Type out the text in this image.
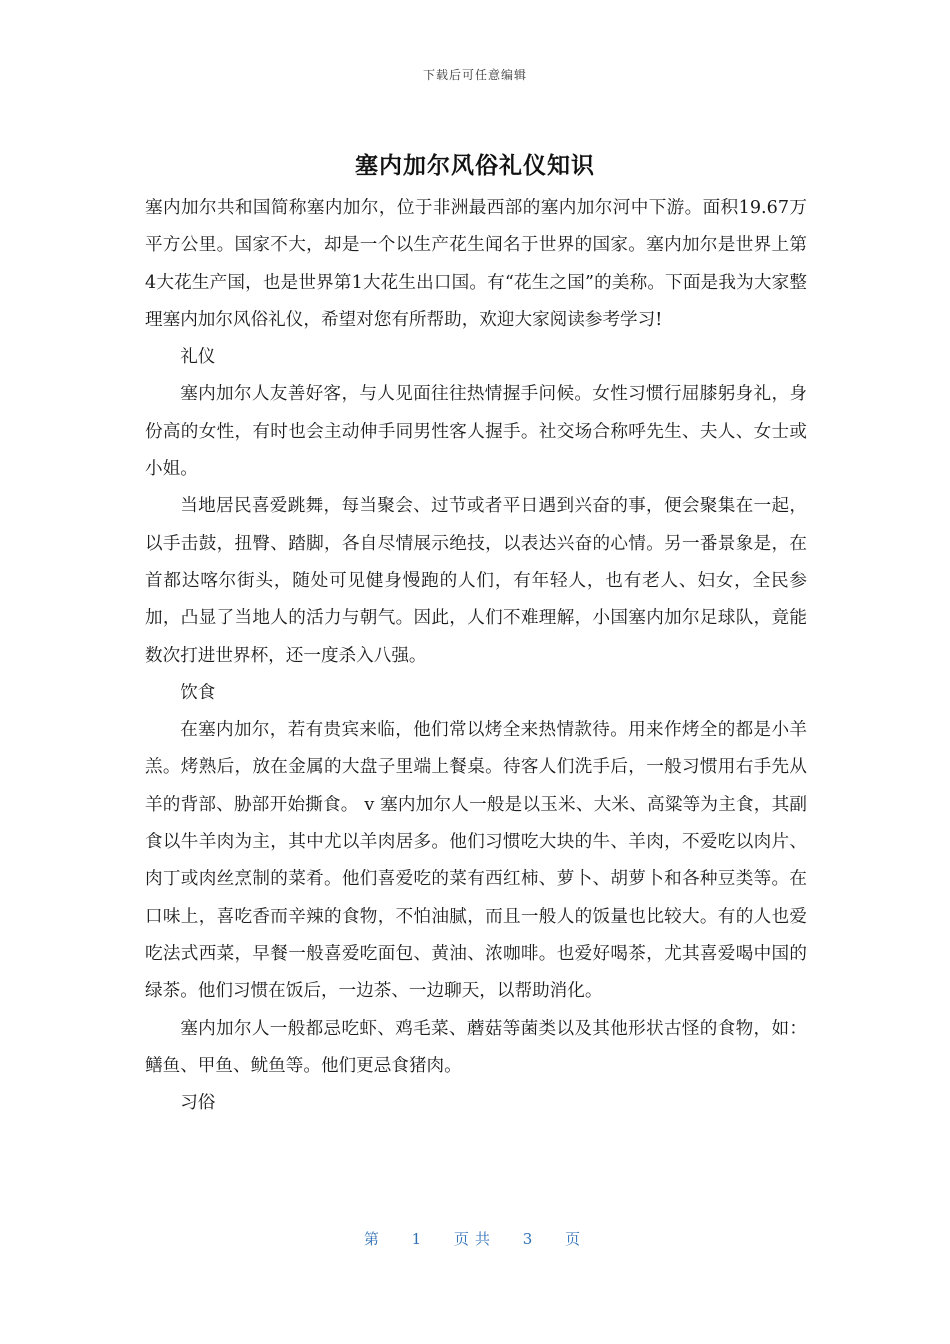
下载后可任意编辑
塞内加尔风俗礼仪知识

塞内加尔共和国简称塞内加尔，位于非洲最西部的塞内加尔河中下游。面积19.67万平方公里。国家不大，却是一个以生产花生闻名于世界的国家。塞内加尔是世界上第4大花生产国，也是世界第1大花生出口国。有“花生之国”的美称。下面是我为大家整理塞内加尔风俗礼仪，希望对您有所帮助，欢迎大家阅读参考学习!

礼仪

塞内加尔人友善好客，与人见面往往热情握手问候。女性习惯行屈膝躬身礼，身份高的女性，有时也会主动伸手同男性客人握手。社交场合称呼先生、夫人、女士或小姐。

当地居民喜爱跳舞，每当聚会、过节或者平日遇到兴奋的事，便会聚集在一起，以手击鼓，扭臀、踏脚，各自尽情展示绝技，以表达兴奋的心情。另一番景象是，在首都达喀尔街头，随处可见健身慢跑的人们，有年轻人，也有老人、妇女，全民参加，凸显了当地人的活力与朝气。因此，人们不难理解，小国塞内加尔足球队，竟能数次打进世界杯，还一度杀入八强。

饮食

在塞内加尔，若有贵宾来临，他们常以烤全来热情款待。用来作烤全的都是小羊羔。烤熟后，放在金属的大盘子里端上餐桌。待客人们洗手后，一般习惯用右手先从羊的背部、胁部开始撕食。 v 塞内加尔人一般是以玉米、大米、高粱等为主食，其副食以牛羊肉为主，其中尤以羊肉居多。他们习惯吃大块的牛、羊肉，不爱吃以肉片、肉丁或肉丝烹制的菜肴。他们喜爱吃的菜有西红柿、萝卜、胡萝卜和各种豆类等。在口味上，喜吃香而辛辣的食物，不怕油腻，而且一般人的饭量也比较大。有的人也爱吃法式西菜，早餐一般喜爱吃面包、黄油、浓咖啡。也爱好喝茶，尤其喜爱喝中国的绿茶。他们习惯在饭后，一边茶、一边聊天，以帮助消化。

塞内加尔人一般都忌吃虾、鸡毛菜、蘑菇等菌类以及其他形状古怪的食物，如：鳝鱼、甲鱼、鱿鱼等。他们更忌食猪肉。

习俗

第 1 页共 3 页
